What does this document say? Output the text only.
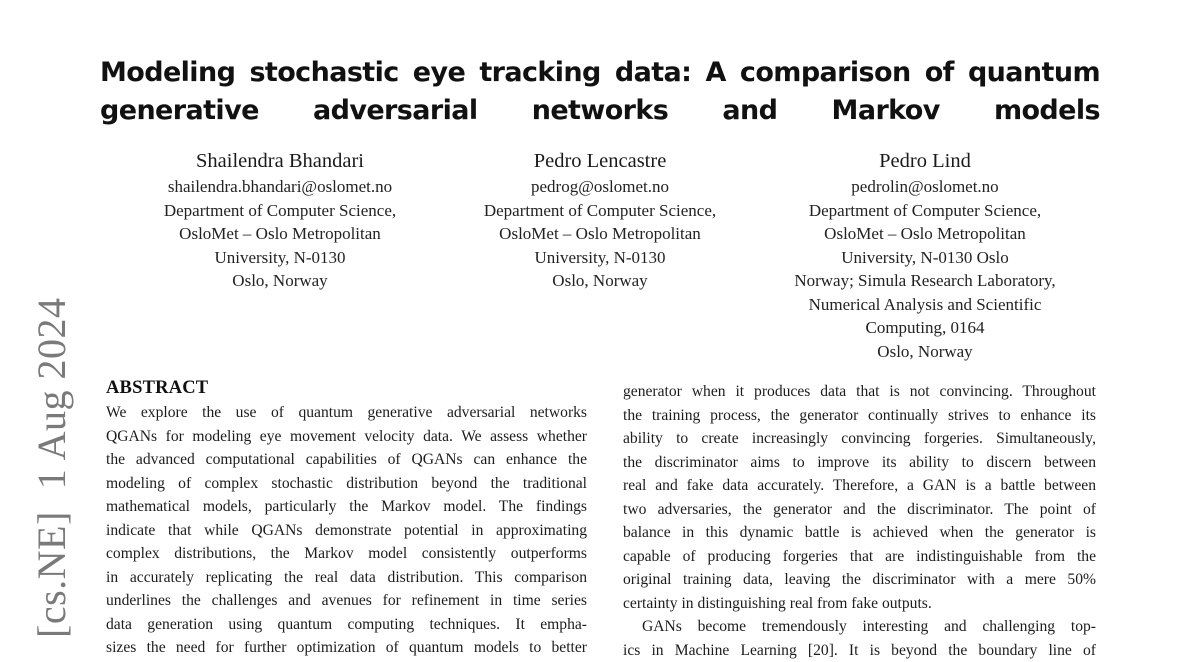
[cs.NE]1 Aug 2024
Modeling stochastic eye tracking data: A comparison of quantum
generative adversarial networks and Markov models
Shailendra Bhandari
shailendra.bhandari@oslomet.no
Department of Computer Science,
OsloMet – Oslo Metropolitan
University, N-0130
Oslo, Norway
Pedro Lencastre
pedrog@oslomet.no
Department of Computer Science,
OsloMet – Oslo Metropolitan
University, N-0130
Oslo, Norway
Pedro Lind
pedrolin@oslomet.no
Department of Computer Science,
OsloMet – Oslo Metropolitan
University, N-0130 Oslo
Norway; Simula Research Laboratory,
Numerical Analysis and Scientific
Computing, 0164
Oslo, Norway
ABSTRACT
We explore the use of quantum generative adversarial networks
QGANs for modeling eye movement velocity data. We assess whether
the advanced computational capabilities of QGANs can enhance the
modeling of complex stochastic distribution beyond the traditional
mathematical models, particularly the Markov model. The findings
indicate that while QGANs demonstrate potential in approximating
complex distributions, the Markov model consistently outperforms
in accurately replicating the real data distribution. This comparison
underlines the challenges and avenues for refinement in time series
data generation using quantum computing techniques. It empha-
sizes the need for further optimization of quantum models to better
generator when it produces data that is not convincing. Throughout
the training process, the generator continually strives to enhance its
ability to create increasingly convincing forgeries. Simultaneously,
the discriminator aims to improve its ability to discern between
real and fake data accurately. Therefore, a GAN is a battle between
two adversaries, the generator and the discriminator. The point of
balance in this dynamic battle is achieved when the generator is
capable of producing forgeries that are indistinguishable from the
original training data, leaving the discriminator with a mere 50%
certainty in distinguishing real from fake outputs.
GANs become tremendously interesting and challenging top-
ics in Machine Learning [20]. It is beyond the boundary line of
